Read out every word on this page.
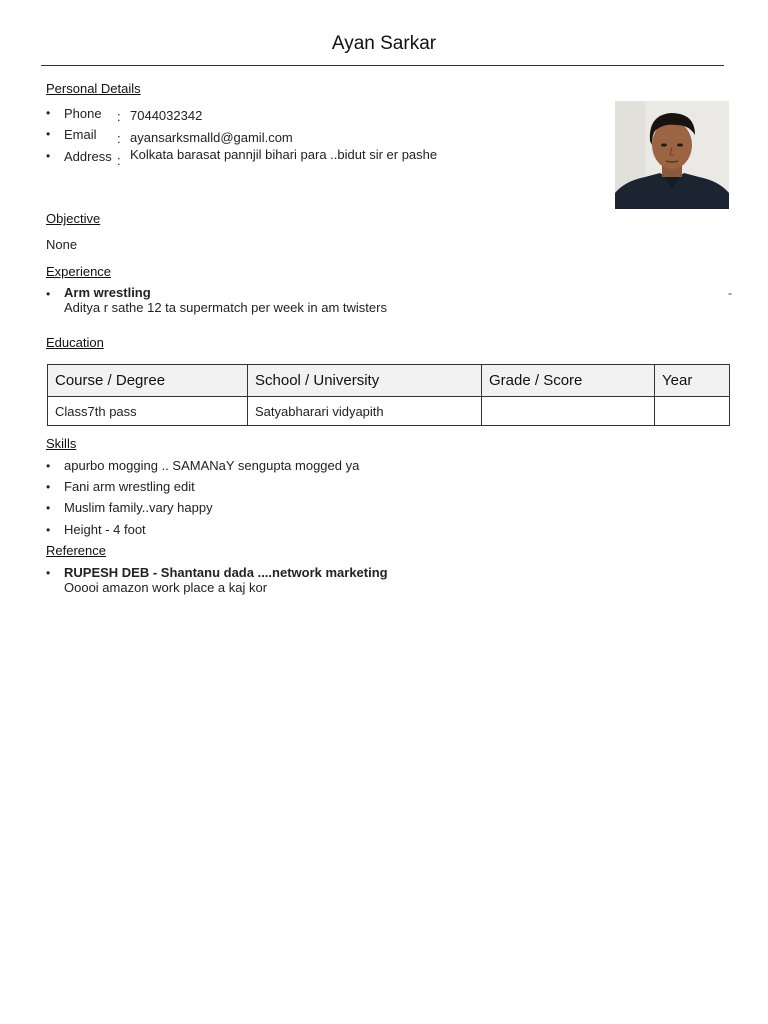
Ayan Sarkar
Personal Details
• Phone : 7044032342
• Email : ayansarksmalld@gamil.com
• Address : Kolkata barasat pannjil bihari para ..bidut sir er pashe
Objective
None
Experience
• Arm wrestling	-
Aditya r sathe 12 ta supermatch per week in am twisters
Education
Course / Degree	School / University	Grade / Score	Year
Class7th pass	Satyabharari vidyapith		
Skills
• apurbo mogging .. SAMANaY sengupta mogged ya
• Fani arm wrestling edit
• Muslim family..vary happy
• Height - 4 foot
Reference
• RUPESH DEB - Shantanu dada ....network marketing
Ooooi amazon work place a kaj kor
